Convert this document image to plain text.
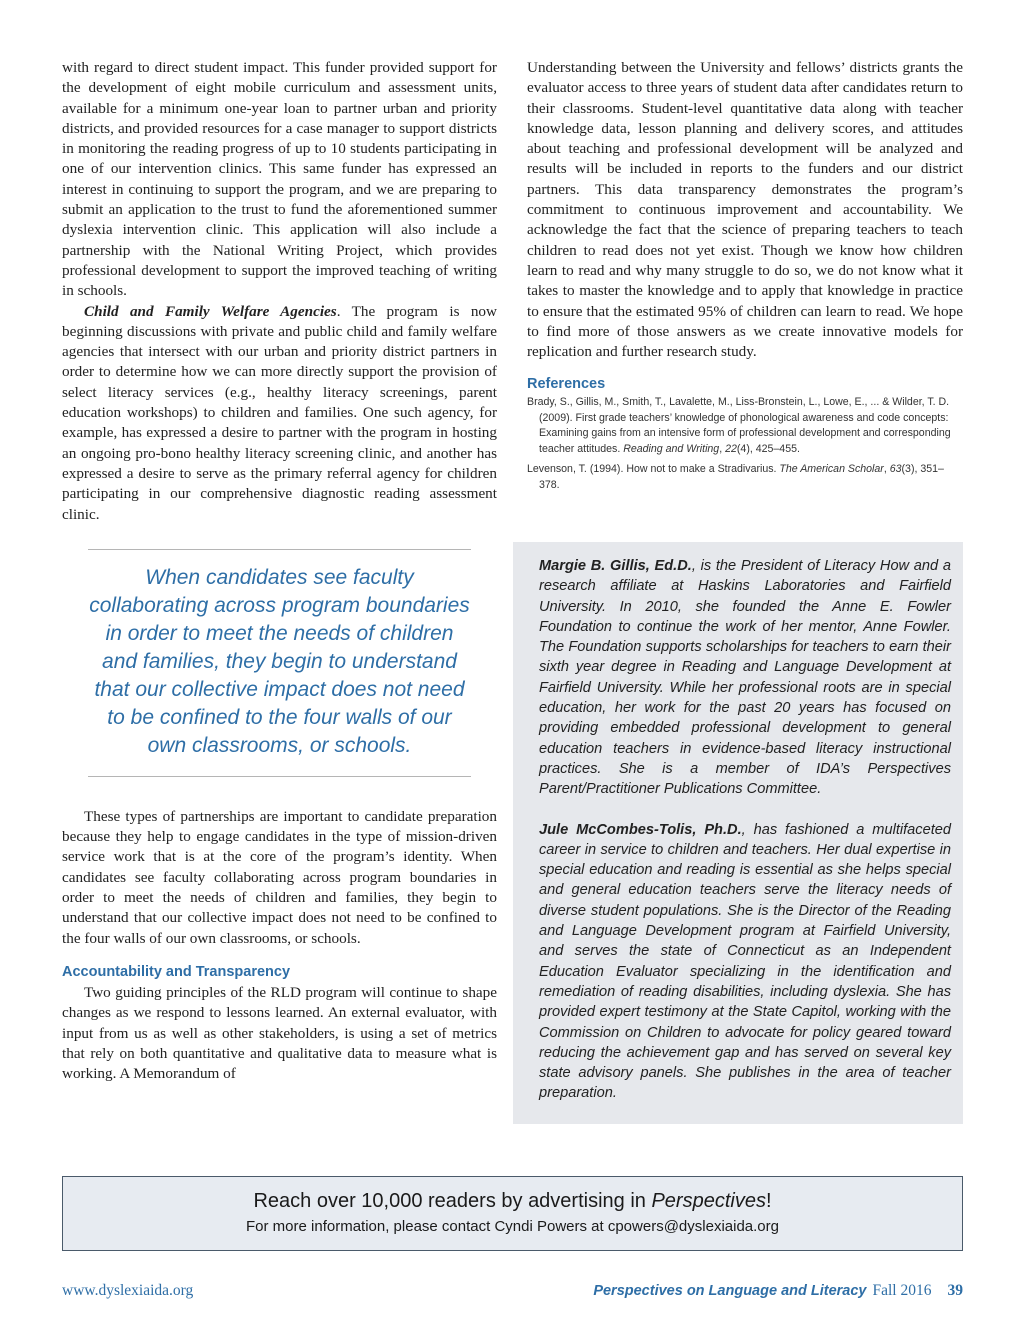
with regard to direct student impact. This funder provided support for the development of eight mobile curriculum and assessment units, available for a minimum one-year loan to partner urban and priority districts, and provided resources for a case manager to support districts in monitoring the reading progress of up to 10 students participating in one of our intervention clinics. This same funder has expressed an interest in continuing to support the program, and we are preparing to submit an application to the trust to fund the aforementioned summer dyslexia intervention clinic. This application will also include a partnership with the National Writing Project, which provides professional development to support the improved teaching of writing in schools.

Child and Family Welfare Agencies. The program is now beginning discussions with private and public child and family welfare agencies that intersect with our urban and priority district partners in order to determine how we can more directly support the provision of select literacy services (e.g., healthy literacy screenings, parent education workshops) to children and families. One such agency, for example, has expressed a desire to partner with the program in hosting an ongoing pro-bono healthy literacy screening clinic, and another has expressed a desire to serve as the primary referral agency for children participating in our comprehensive diagnostic reading assessment clinic.

When candidates see faculty collaborating across program boundaries in order to meet the needs of children and families, they begin to understand that our collective impact does not need to be confined to the four walls of our own classrooms, or schools.

These types of partnerships are important to candidate preparation because they help to engage candidates in the type of mission-driven service work that is at the core of the program’s identity. When candidates see faculty collaborating across program boundaries in order to meet the needs of children and families, they begin to understand that our collective impact does not need to be confined to the four walls of our own classrooms, or schools.

Accountability and Transparency

Two guiding principles of the RLD program will continue to shape changes as we respond to lessons learned. An external evaluator, with input from us as well as other stakeholders, is using a set of metrics that rely on both quantitative and qualitative data to measure what is working. A Memorandum of

Understanding between the University and fellows’ districts grants the evaluator access to three years of student data after candidates return to their classrooms. Student-level quantitative data along with teacher knowledge data, lesson planning and delivery scores, and attitudes about teaching and professional development will be analyzed and results will be included in reports to the funders and our district partners. This data transparency demonstrates the program’s commitment to continuous improvement and accountability. We acknowledge the fact that the science of preparing teachers to teach children to read does not yet exist. Though we know how children learn to read and why many struggle to do so, we do not know what it takes to master the knowledge and to apply that knowledge in practice to ensure that the estimated 95% of children can learn to read. We hope to find more of those answers as we create innovative models for replication and further research study.

References
Brady, S., Gillis, M., Smith, T., Lavalette, M., Liss-Bronstein, L., Lowe, E., ... & Wilder, T. D. (2009). First grade teachers’ knowledge of phonological awareness and code concepts: Examining gains from an intensive form of professional development and corresponding teacher attitudes. Reading and Writing, 22(4), 425–455.
Levenson, T. (1994). How not to make a Stradivarius. The American Scholar, 63(3), 351–378.

Margie B. Gillis, Ed.D., is the President of Literacy How and a research affiliate at Haskins Laboratories and Fairfield University. In 2010, she founded the Anne E. Fowler Foundation to continue the work of her mentor, Anne Fowler. The Foundation supports scholarships for teachers to earn their sixth year degree in Reading and Language Development at Fairfield University. While her professional roots are in special education, her work for the past 20 years has focused on providing embedded professional development to general education teachers in evidence-based literacy instructional practices. She is a member of IDA’s Perspectives Parent/Practitioner Publications Committee.

Jule McCombes-Tolis, Ph.D., has fashioned a multifaceted career in service to children and teachers. Her dual expertise in special education and reading is essential as she helps special and general education teachers serve the literacy needs of diverse student populations. She is the Director of the Reading and Language Development program at Fairfield University, and serves the state of Connecticut as an Independent Education Evaluator specializing in the identification and remediation of reading disabilities, including dyslexia. She has provided expert testimony at the State Capitol, working with the Commission on Children to advocate for policy geared toward reducing the achievement gap and has served on several key state advisory panels. She publishes in the area of teacher preparation.

Reach over 10,000 readers by advertising in Perspectives!
For more information, please contact Cyndi Powers at cpowers@dyslexiaida.org
www.dyslexiaida.org	Perspectives on Language and Literacy Fall 2016 39
